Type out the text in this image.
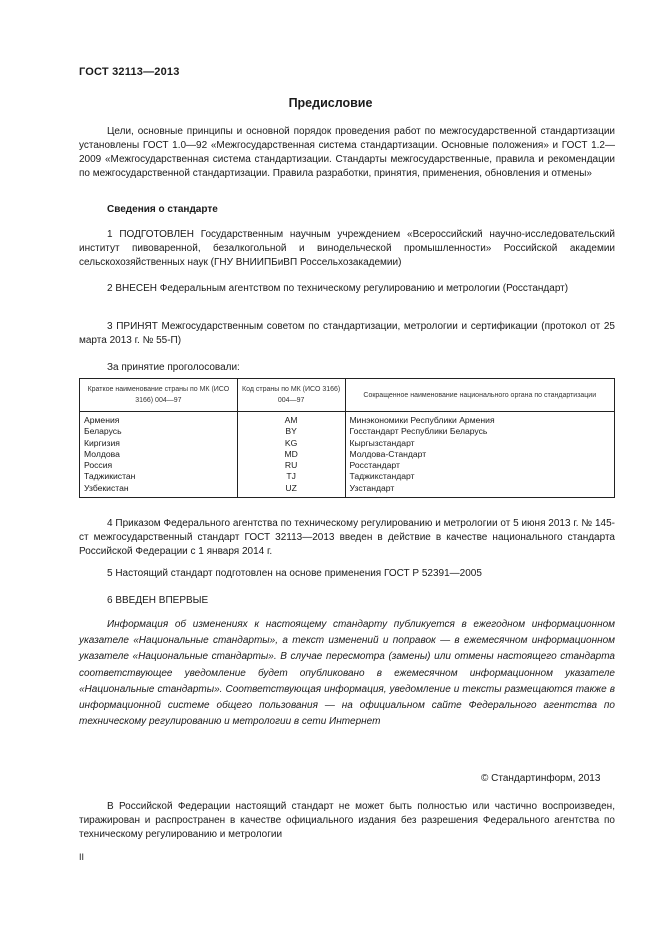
ГОСТ 32113—2013
Предисловие
Цели, основные принципы и основной порядок проведения работ по межгосударственной стандартизации установлены ГОСТ 1.0—92 «Межгосударственная система стандартизации. Основные положения» и ГОСТ 1.2—2009 «Межгосударственная система стандартизации. Стандарты межгосударственные, правила и рекомендации по межгосударственной стандартизации. Правила разработки, принятия, применения, обновления и отмены»
Сведения о стандарте
1 ПОДГОТОВЛЕН Государственным научным учреждением «Всероссийский научно-исследовательский институт пивоваренной, безалкогольной и винодельческой промышленности» Российской академии сельскохозяйственных наук (ГНУ ВНИИПБиВП Россельхозакадемии)
2 ВНЕСЕН Федеральным агентством по техническому регулированию и метрологии (Росстандарт)
3 ПРИНЯТ Межгосударственным советом по стандартизации, метрологии и сертификации (протокол от 25 марта 2013 г. № 55-П)
За принятие проголосовали:
Краткое наименование страны по МК (ИСО 3166) 004—97	Код страны по МК (ИСО 3166) 004—97	Сокращенное наименование национального органа по стандартизации
Армения	AM	Минэкономики Республики Армения
Беларусь	BY	Госстандарт Республики Беларусь
Киргизия	KG	Кыргызстандарт
Молдова	MD	Молдова-Стандарт
Россия	RU	Росстандарт
Таджикистан	TJ	Таджикстандарт
Узбекистан	UZ	Узстандарт
4 Приказом Федерального агентства по техническому регулированию и метрологии от 5 июня 2013 г. № 145-ст межгосударственный стандарт ГОСТ 32113—2013 введен в действие в качестве национального стандарта Российской Федерации с 1 января 2014 г.
5 Настоящий стандарт подготовлен на основе применения ГОСТ Р 52391—2005
6 ВВЕДЕН ВПЕРВЫЕ
Информация об изменениях к настоящему стандарту публикуется в ежегодном информационном указателе «Национальные стандарты», а текст изменений и поправок — в ежемесячном информационном указателе «Национальные стандарты». В случае пересмотра (замены) или отмены настоящего стандарта соответствующее уведомление будет опубликовано в ежемесячном информационном указателе «Национальные стандарты». Соответствующая информация, уведомление и тексты размещаются также в информационной системе общего пользования — на официальном сайте Федерального агентства по техническому регулированию и метрологии в сети Интернет
© Стандартинформ, 2013
В Российской Федерации настоящий стандарт не может быть полностью или частично воспроизведен, тиражирован и распространен в качестве официального издания без разрешения Федерального агентства по техническому регулированию и метрологии
II
